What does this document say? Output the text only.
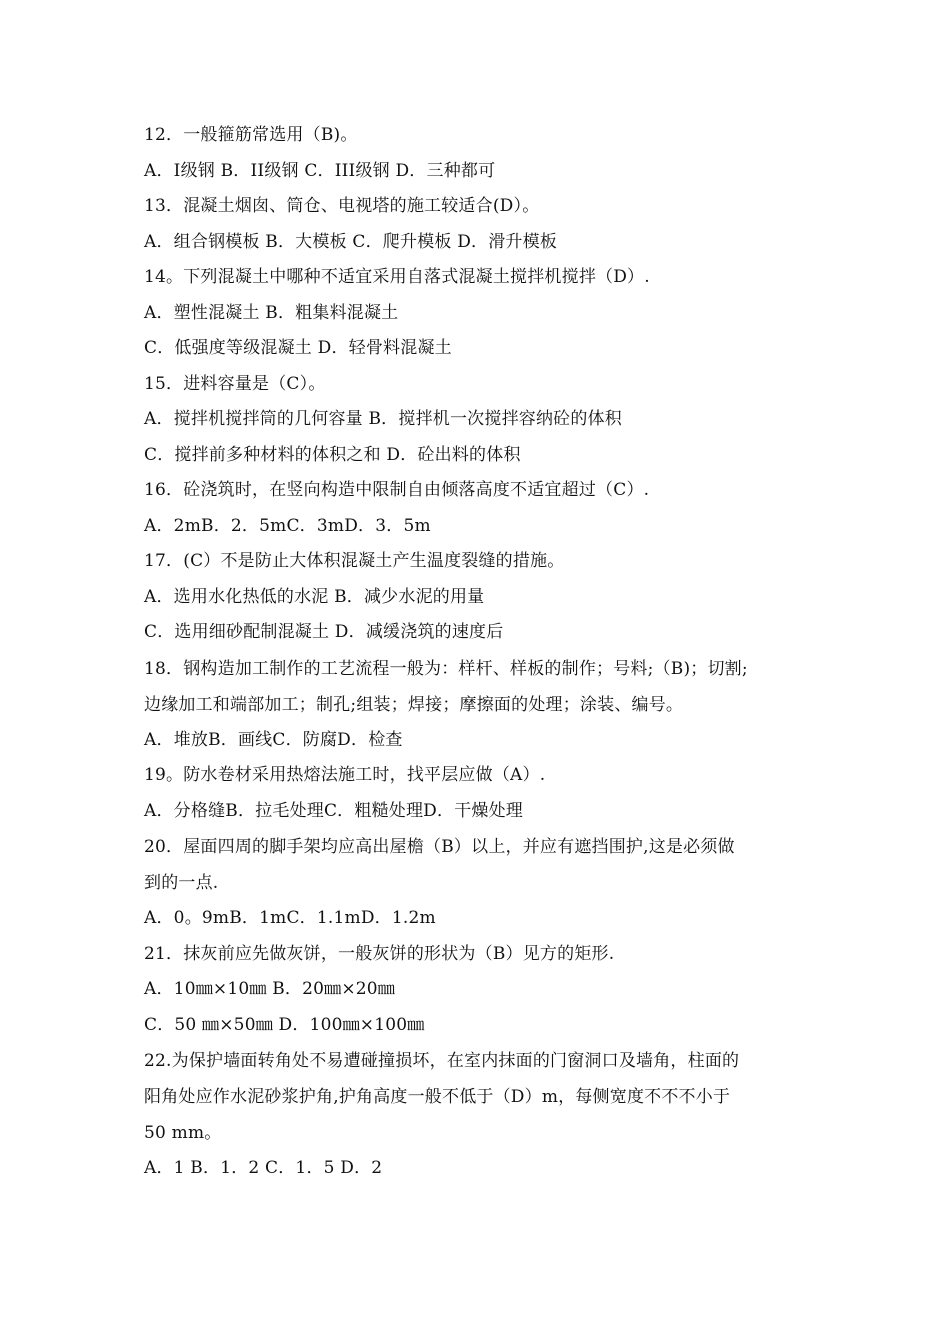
12．一般箍筋常选用（B)。
A．I级钢 B．II级钢 C．III级钢 D．三种都可
13．混凝土烟囱、筒仓、电视塔的施工较适合(D）。
A．组合钢模板 B．大模板 C．爬升模板 D．滑升模板
14。下列混凝土中哪种不适宜采用自落式混凝土搅拌机搅拌（D）.
A．塑性混凝土 B．粗集料混凝土
C．低强度等级混凝土 D．轻骨料混凝土
15．进料容量是（C）。
A．搅拌机搅拌筒的几何容量 B．搅拌机一次搅拌容纳砼的体积
C．搅拌前多种材料的体积之和 D．砼出料的体积
16．砼浇筑时，在竖向构造中限制自由倾落高度不适宜超过（C）.
A．2mB．2．5mC．3mD．3．5m
17．(C）不是防止大体积混凝土产生温度裂缝的措施。
A．选用水化热低的水泥 B．减少水泥的用量
C．选用细砂配制混凝土 D．减缓浇筑的速度后
18．钢构造加工制作的工艺流程一般为：样杆、样板的制作；号料;（B)；切割;
边缘加工和端部加工；制孔;组装；焊接；摩擦面的处理；涂装、编号。
A．堆放B．画线C．防腐D．检查
19。防水卷材采用热熔法施工时，找平层应做（A）.
A．分格缝B．拉毛处理C．粗糙处理D．干燥处理
20．屋面四周的脚手架均应高出屋檐（B）以上，并应有遮挡围护,这是必须做
到的一点.
A．0。9mB．1mC．1.1mD．1.2m
21．抹灰前应先做灰饼，一般灰饼的形状为（B）见方的矩形.
A．10㎜×10㎜ B．20㎜×20㎜
C．50 ㎜×50㎜ D．100㎜×100㎜
22.为保护墙面转角处不易遭碰撞损坏，在室内抹面的门窗洞口及墙角，柱面的
阳角处应作水泥砂浆护角,护角高度一般不低于（D）m，每侧宽度不不不小于
50 mm。
A．1 B．1．2 C．1．5 D．2
